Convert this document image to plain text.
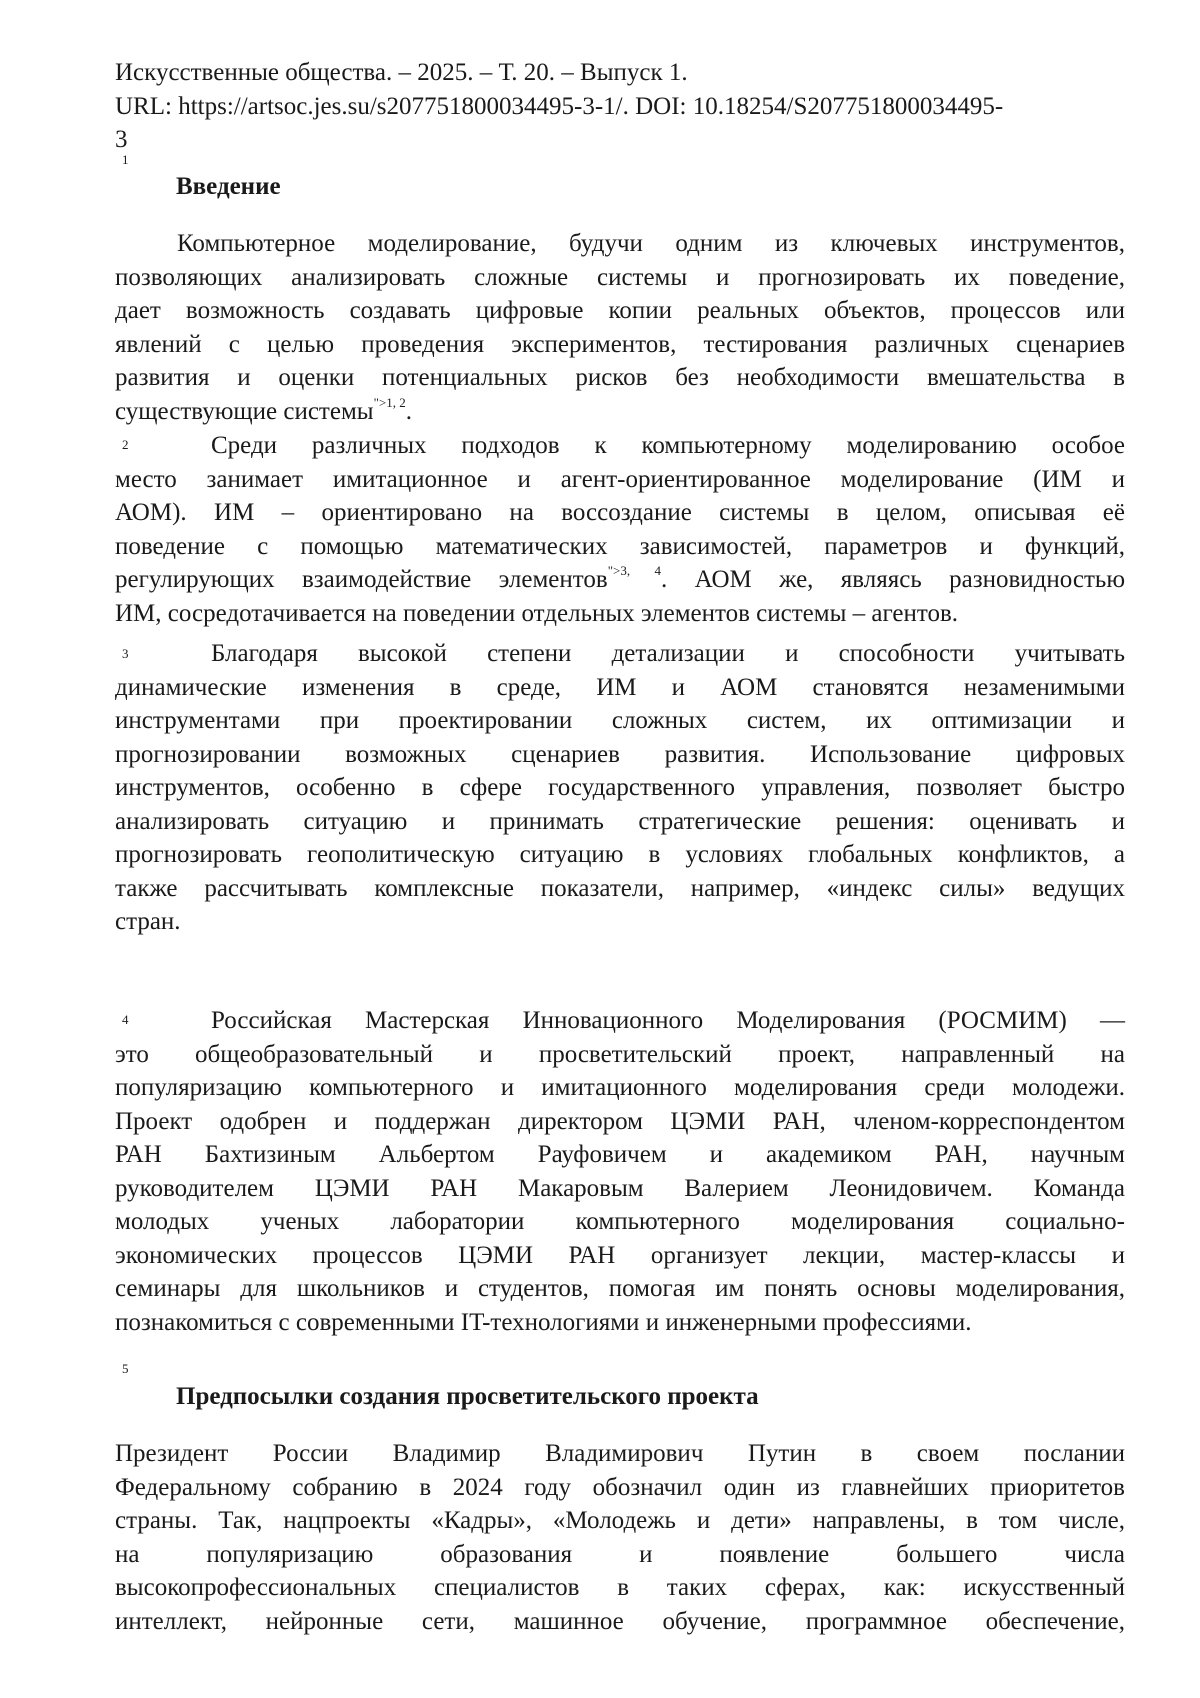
Искусственные общества. – 2025. – Т. 20. – Выпуск 1.
URL: https://artsoc.jes.su/s207751800034495-3-1/. DOI: 10.18254/S207751800034495-
3
1
Введение
Компьютерное моделирование, будучи одним из ключевых инструментов,
позволяющих анализировать сложные системы и прогнозировать их поведение,
дает возможность создавать цифровые копии реальных объектов, процессов или
явлений с целью проведения экспериментов, тестирования различных сценариев
развития и оценки потенциальных рисков без необходимости вмешательства в
существующие системы$^{">1, 2}$.
2	Среди различных подходов к компьютерному моделированию особое
место занимает имитационное и агент-ориентированное моделирование (ИМ и
АОМ). ИМ – ориентировано на воссоздание системы в целом, описывая её
поведение с помощью математических зависимостей, параметров и функций,
регулирующих взаимодействие элементов$^{">3, 4}$. АОМ же, являясь разновидностью
ИМ, сосредотачивается на поведении отдельных элементов системы – агентов.
3	Благодаря высокой степени детализации и способности учитывать
динамические изменения в среде, ИМ и АОМ становятся незаменимыми
инструментами при проектировании сложных систем, их оптимизации и
прогнозировании возможных сценариев развития. Использование цифровых
инструментов, особенно в сфере государственного управления, позволяет быстро
анализировать ситуацию и принимать стратегические решения: оценивать и
прогнозировать геополитическую ситуацию в условиях глобальных конфликтов, а
также рассчитывать комплексные показатели, например, «индекс силы» ведущих
стран.
4	Российская Мастерская Инновационного Моделирования (РОСМИМ) —
это общеобразовательный и просветительский проект, направленный на
популяризацию компьютерного и имитационного моделирования среди молодежи.
Проект одобрен и поддержан директором ЦЭМИ РАН, членом-корреспондентом
РАН Бахтизиным Альбертом Рауфовичем и академиком РАН, научным
руководителем ЦЭМИ РАН Макаровым Валерием Леонидовичем. Команда
молодых ученых лаборатории компьютерного моделирования социально-
экономических процессов ЦЭМИ РАН организует лекции, мастер-классы и
семинары для школьников и студентов, помогая им понять основы моделирования,
познакомиться с современными IT-технологиями и инженерными профессиями.
5
Предпосылки создания просветительского проекта
Президент России Владимир Владимирович Путин в своем послании
Федеральному собранию в 2024 году обозначил один из главнейших приоритетов
страны. Так, нацпроекты «Кадры», «Молодежь и дети» направлены, в том числе,
на популяризацию образования и появление большего числа
высокопрофессиональных специалистов в таких сферах, как: искусственный
интеллект, нейронные сети, машинное обучение, программное обеспечение,
